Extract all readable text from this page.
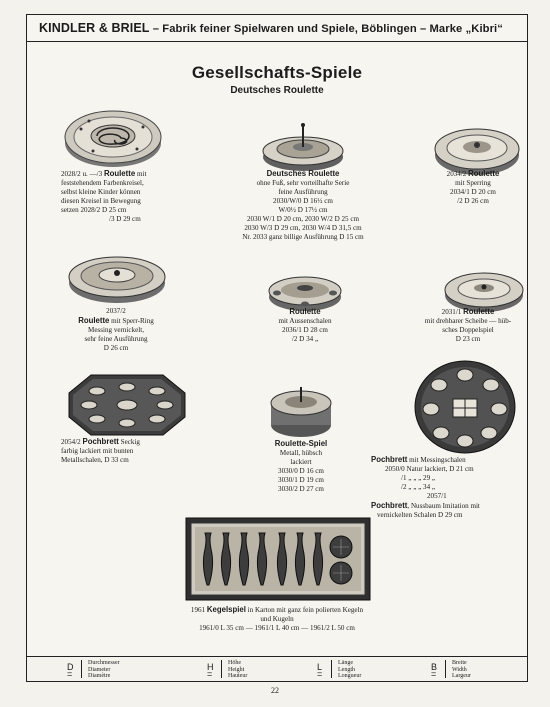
KINDLER & BRIEL – Fabrik feiner Spielwaren und Spiele, Böblingen – Marke „Kibri“
Gesellschafts-Spiele
Deutsches Roulette
2028/2 u. —/3 Roulette mit
feststehendem Farbenkreisel,
selbst kleine Kinder können
diesen Kreisel in Bewegung
setzen 2028/2 D 25 cm
/3 D 29 cm
Deutsches Roulette
ohne Fuß, sehr vorteilhafte Serie
feine Ausführung
2030/W/0 D 16½ cm
W/0½ D 17½ cm
2030 W/1 D 20 cm, 2030 W/2 D 25 cm
2030 W/3 D 29 cm, 2030 W/4 D 31,5 cm
Nr. 2033 ganz billige Ausführung D 15 cm
2034/2 Roulette
mit Sperring
2034/1 D 20 cm
/2 D 26 cm
2037/2
Roulette mit Sperr-Ring
Messing vernickelt,
sehr feine Ausführung
D 26 cm
Roulette
mit Aussenschalen
2036/1 D 28 cm
/2 D 34 „
2031/1 Roulette
mit drehbarer Scheibe — hüb-
sches Doppelspiel
D 23 cm
2054/2 Pochbrett Seckig
farbig lackiert mit bunten
Metallschalen, D 33 cm
Roulette-Spiel
Metall, hübsch
lackiert
3030/0 D 16 cm
3030/1 D 19 cm
3030/2 D 27 cm
Pochbrett mit Messingschalen
2050/0 Natur lackiert, D 21 cm
/1 „ „ „ 29 „
/2 „ „ „ 34 „
2057/1
Pochbrett, Nussbaum Imitation mit
vernickelten Schalen D 29 cm
1961 Kegelspiel in Karton mit ganz fein polierten Kegeln
und Kugeln
1961/0 L 35 cm — 1961/1 L 40 cm — 1961/2 L 50 cm
D =
Durchmesser
Diameter
Diamètre
H =
Höhe
Height
Hauteur
L =
Länge
Length
Longueur
B =
Breite
Width
Largeur
22
